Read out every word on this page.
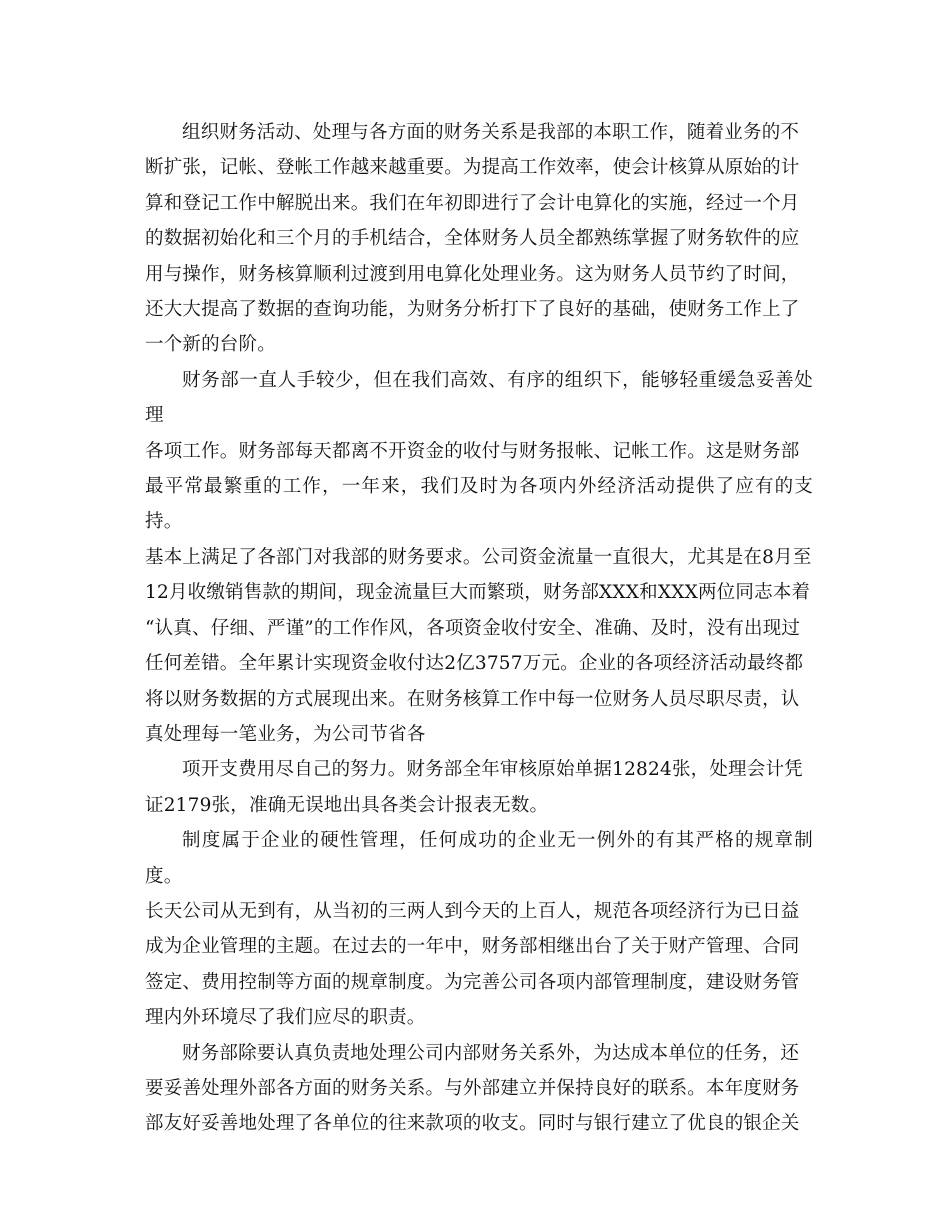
组织财务活动、处理与各方面的财务关系是我部的本职工作，随着业务的不
断扩张，记帐、登帐工作越来越重要。为提高工作效率，使会计核算从原始的计
算和登记工作中解脱出来。我们在年初即进行了会计电算化的实施，经过一个月
的数据初始化和三个月的手机结合，全体财务人员全都熟练掌握了财务软件的应
用与操作，财务核算顺利过渡到用电算化处理业务。这为财务人员节约了时间，
还大大提高了数据的查询功能，为财务分析打下了良好的基础，使财务工作上了
一个新的台阶。

财务部一直人手较少，但在我们高效、有序的组织下，能够轻重缓急妥善处理
各项工作。财务部每天都离不开资金的收付与财务报帐、记帐工作。这是财务部
最平常最繁重的工作，一年来，我们及时为各项内外经济活动提供了应有的支持。
基本上满足了各部门对我部的财务要求。公司资金流量一直很大，尤其是在8月至
12月收缴销售款的期间，现金流量巨大而繁琐，财务部XXX和XXX两位同志本着
“认真、仔细、严谨”的工作作风，各项资金收付安全、准确、及时，没有出现过
任何差错。全年累计实现资金收付达2亿3757万元。企业的各项经济活动最终都
将以财务数据的方式展现出来。在财务核算工作中每一位财务人员尽职尽责，认
真处理每一笔业务，为公司节省各

项开支费用尽自己的努力。财务部全年审核原始单据12824张，处理会计凭
证2179张，准确无误地出具各类会计报表无数。

制度属于企业的硬性管理，任何成功的企业无一例外的有其严格的规章制度。
长天公司从无到有，从当初的三两人到今天的上百人，规范各项经济行为已日益
成为企业管理的主题。在过去的一年中，财务部相继出台了关于财产管理、合同
签定、费用控制等方面的规章制度。为完善公司各项内部管理制度，建设财务管
理内外环境尽了我们应尽的职责。

财务部除要认真负责地处理公司内部财务关系外，为达成本单位的任务，还
要妥善处理外部各方面的财务关系。与外部建立并保持良好的联系。本年度财务
部友好妥善地处理了各单位的往来款项的收支。同时与银行建立了优良的银企关
